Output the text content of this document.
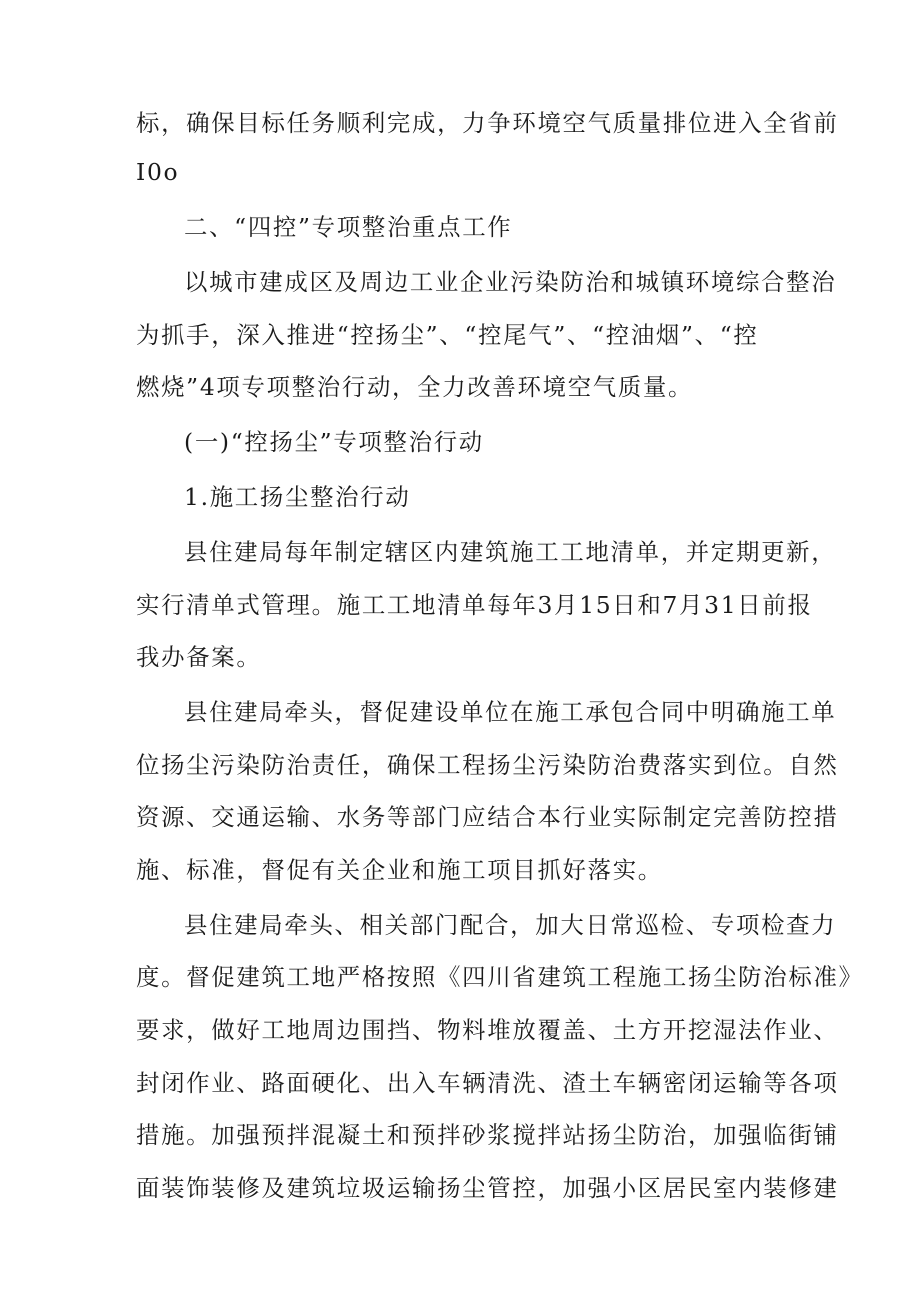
标，确保目标任务顺利完成，力争环境空气质量排位进入全省前
I0o
二、“四控”专项整治重点工作
以城市建成区及周边工业企业污染防治和城镇环境综合整治
为抓手，深入推进“控扬尘”、“控尾气”、“控油烟”、“控
燃烧”4项专项整治行动，全力改善环境空气质量。
(一)“控扬尘”专项整治行动
1.施工扬尘整治行动
县住建局每年制定辖区内建筑施工工地清单，并定期更新，
实行清单式管理。施工工地清单每年3月15日和7月31日前报
我办备案。
县住建局牵头，督促建设单位在施工承包合同中明确施工单
位扬尘污染防治责任，确保工程扬尘污染防治费落实到位。自然
资源、交通运输、水务等部门应结合本行业实际制定完善防控措
施、标准，督促有关企业和施工项目抓好落实。
县住建局牵头、相关部门配合，加大日常巡检、专项检查力
度。督促建筑工地严格按照《四川省建筑工程施工扬尘防治标准》
要求，做好工地周边围挡、物料堆放覆盖、土方开挖湿法作业、
封闭作业、路面硬化、出入车辆清洗、渣土车辆密闭运输等各项
措施。加强预拌混凝土和预拌砂浆搅拌站扬尘防治，加强临街铺
面装饰装修及建筑垃圾运输扬尘管控，加强小区居民室内装修建
